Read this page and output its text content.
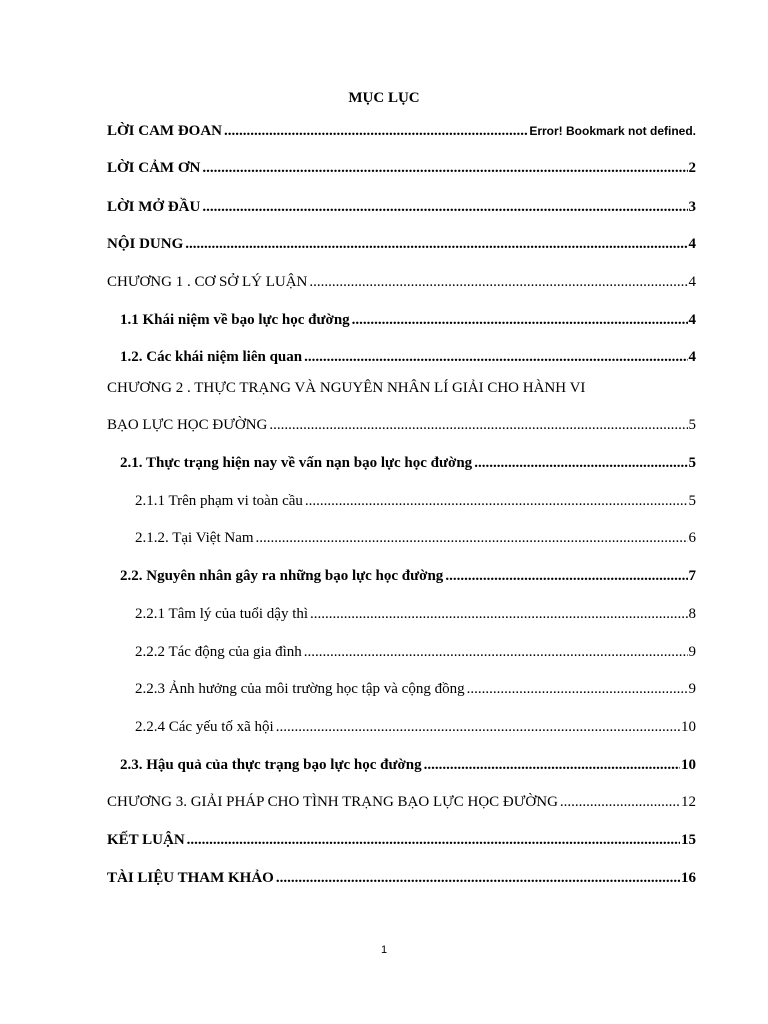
MỤC LỤC
LỜI CAM ĐOAN .....	Error! Bookmark not defined.
LỜI CẢM ƠN .....	2
LỜI MỞ ĐẦU .....	3
NỘI DUNG .....	4
CHƯƠNG 1 . CƠ SỞ LÝ LUẬN .....	4
1.1 Khái niệm về bạo lực học đường .....	4
1.2. Các khái niệm liên quan .....	4
CHƯƠNG 2 . THỰC TRẠNG VÀ NGUYÊN NHÂN LÍ GIẢI CHO HÀNH VI
BẠO LỰC HỌC ĐƯỜNG .....	5
2.1. Thực trạng hiện nay về vấn nạn bạo lực học đường .....	5
2.1.1 Trên phạm vi toàn cầu .....	5
2.1.2. Tại Việt Nam .....	6
2.2. Nguyên nhân gây ra những bạo lực học đường .....	7
2.2.1 Tâm lý của tuổi dậy thì .....	8
2.2.2 Tác động của gia đình .....	9
2.2.3 Ảnh hưởng của môi trường học tập và cộng đồng .....	9
2.2.4 Các yếu tố xã hội .....	10
2.3. Hậu quả của thực trạng bạo lực học đường .....	10
CHƯƠNG 3. GIẢI PHÁP CHO TÌNH TRẠNG BẠO LỰC HỌC ĐƯỜNG .....	12
KẾT LUẬN .....	15
TÀI LIỆU THAM KHẢO .....	16
1
